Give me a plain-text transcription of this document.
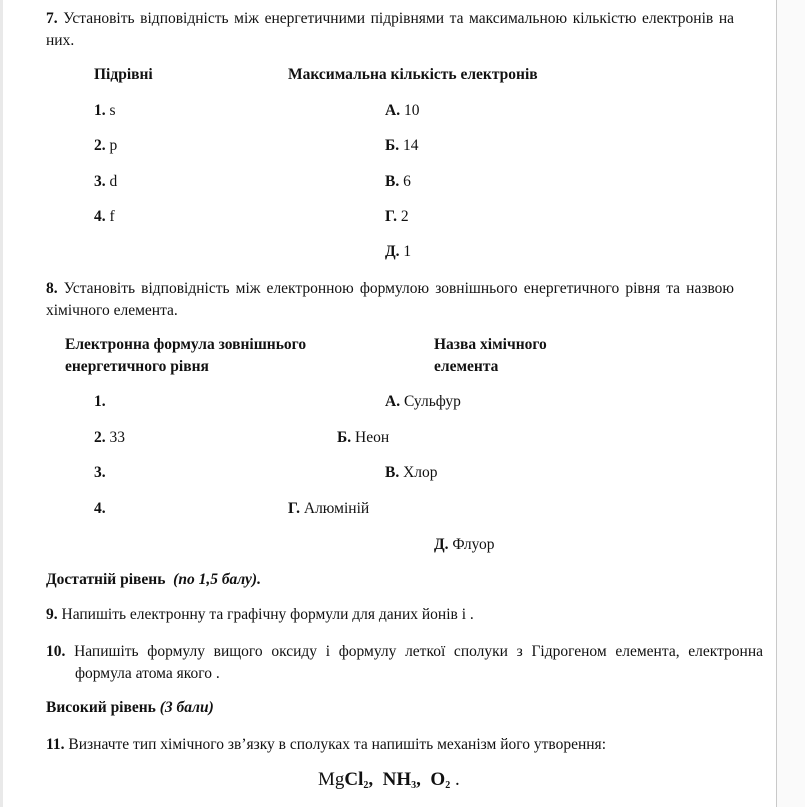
7. Установіть відповідність між енергетичними підрівнями та максимальною кількістю електронів на них.
Підрівні	Максимальна кількість електронів
1. s
2. p
3. d
4. f
А. 10
Б. 14
В. 6
Г. 2
Д. 1
8. Установіть відповідність між електронною формулою зовнішнього енергетичного рівня та назвою хімічного елемента.
Електронна формула зовнішнього
енергетичного рівня
Назва хімічного
елемента
1.
2. 33
3.
4.
А. Сульфур
Б. Неон
В. Хлор
Г. Алюміній
Д. Флуор
Достатній рівень (по 1,5 балу).
9. Напишіть електронну та графічну формули для даних йонів і .
10. Напишіть формулу вищого оксиду і формулу леткої сполуки з Гідрогеном елемента, електронна формула атома якого .
Високий рівень (3 бали)
11. Визначте тип хімічного зв’язку в сполуках та напишіть механізм його утворення:
MgCl$_2$, $NH_3$, $O_2$ .
